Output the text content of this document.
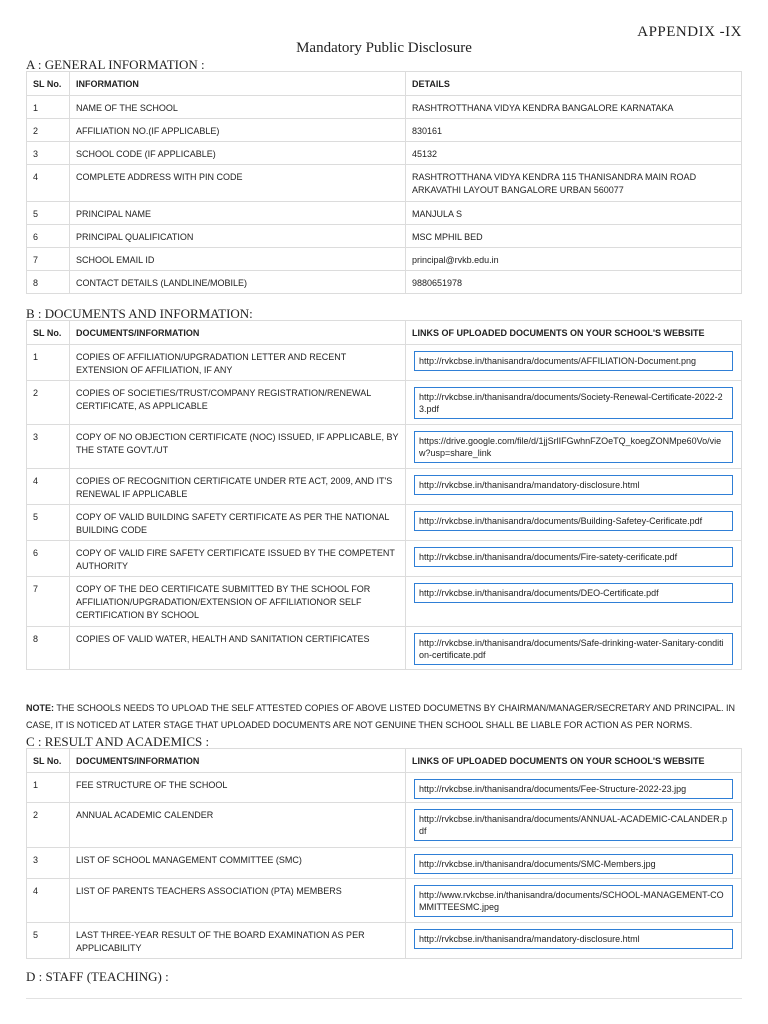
APPENDIX -IX
Mandatory Public Disclosure
A : GENERAL INFORMATION :
SL No.	INFORMATION	DETAILS
1	NAME OF THE SCHOOL	RASHTROTTHANA VIDYA KENDRA BANGALORE KARNATAKA
2	AFFILIATION NO.(IF APPLICABLE)	830161
3	SCHOOL CODE (IF APPLICABLE)	45132
4	COMPLETE ADDRESS WITH PIN CODE	RASHTROTTHANA VIDYA KENDRA 115 THANISANDRA MAIN ROAD ARKAVATHI LAYOUT BANGALORE URBAN 560077
5	PRINCIPAL NAME	MANJULA S
6	PRINCIPAL QUALIFICATION	MSC MPHIL BED
7	SCHOOL EMAIL ID	principal@rvkb.edu.in
8	CONTACT DETAILS (LANDLINE/MOBILE)	9880651978
B : DOCUMENTS AND INFORMATION:
SL No.	DOCUMENTS/INFORMATION	LINKS OF UPLOADED DOCUMENTS ON YOUR SCHOOL'S WEBSITE
1	COPIES OF AFFILIATION/UPGRADATION LETTER AND RECENT EXTENSION OF AFFILIATION, IF ANY	http://rvkcbse.in/thanisandra/documents/AFFILIATION-Document.png

2	COPIES OF SOCIETIES/TRUST/COMPANY REGISTRATION/RENEWAL CERTIFICATE, AS APPLICABLE	http://rvkcbse.in/thanisandra/documents/Society-Renewal-Certificate-2022-23.pdf

3	COPY OF NO OBJECTION CERTIFICATE (NOC) ISSUED, IF APPLICABLE, BY THE STATE GOVT./UT	https://drive.google.com/file/d/1jjSrlIFGwhnFZOeTQ_koegZONMpe60Vo/view?usp=share_link

4	COPIES OF RECOGNITION CERTIFICATE UNDER RTE ACT, 2009, AND IT'S RENEWAL IF APPLICABLE	http://rvkcbse.in/thanisandra/mandatory-disclosure.html

5	COPY OF VALID BUILDING SAFETY CERTIFICATE AS PER THE NATIONAL BUILDING CODE	http://rvkcbse.in/thanisandra/documents/Building-Safetey-Cerificate.pdf

6	COPY OF VALID FIRE SAFETY CERTIFICATE ISSUED BY THE COMPETENT AUTHORITY	http://rvkcbse.in/thanisandra/documents/Fire-satety-cerificate.pdf

7	COPY OF THE DEO CERTIFICATE SUBMITTED BY THE SCHOOL FOR AFFILIATION/UPGRADATION/EXTENSION OF AFFILIATIONOR SELF CERTIFICATION BY SCHOOL	http://rvkcbse.in/thanisandra/documents/DEO-Certificate.pdf

8	COPIES OF VALID WATER, HEALTH AND SANITATION CERTIFICATES	http://rvkcbse.in/thanisandra/documents/Safe-drinking-water-Sanitary-condition-certificate.pdf
NOTE: THE SCHOOLS NEEDS TO UPLOAD THE SELF ATTESTED COPIES OF ABOVE LISTED DOCUMETNS BY CHAIRMAN/MANAGER/SECRETARY AND PRINCIPAL. IN CASE, IT IS NOTICED AT LATER STAGE THAT UPLOADED DOCUMENTS ARE NOT GENUINE THEN SCHOOL SHALL BE LIABLE FOR ACTION AS PER NORMS.
C : RESULT AND ACADEMICS :
SL No.	DOCUMENTS/INFORMATION	LINKS OF UPLOADED DOCUMENTS ON YOUR SCHOOL'S WEBSITE
1	FEE STRUCTURE OF THE SCHOOL	http://rvkcbse.in/thanisandra/documents/Fee-Structure-2022-23.jpg

2	ANNUAL ACADEMIC CALENDER	http://rvkcbse.in/thanisandra/documents/ANNUAL-ACADEMIC-CALANDER.pdf

3	LIST OF SCHOOL MANAGEMENT COMMITTEE (SMC)	http://rvkcbse.in/thanisandra/documents/SMC-Members.jpg

4	LIST OF PARENTS TEACHERS ASSOCIATION (PTA) MEMBERS	http://www.rvkcbse.in/thanisandra/documents/SCHOOL-MANAGEMENT-COMMITTEESMC.jpeg

5	LAST THREE-YEAR RESULT OF THE BOARD EXAMINATION AS PER APPLICABILITY	http://rvkcbse.in/thanisandra/mandatory-disclosure.html
D : STAFF (TEACHING) :
